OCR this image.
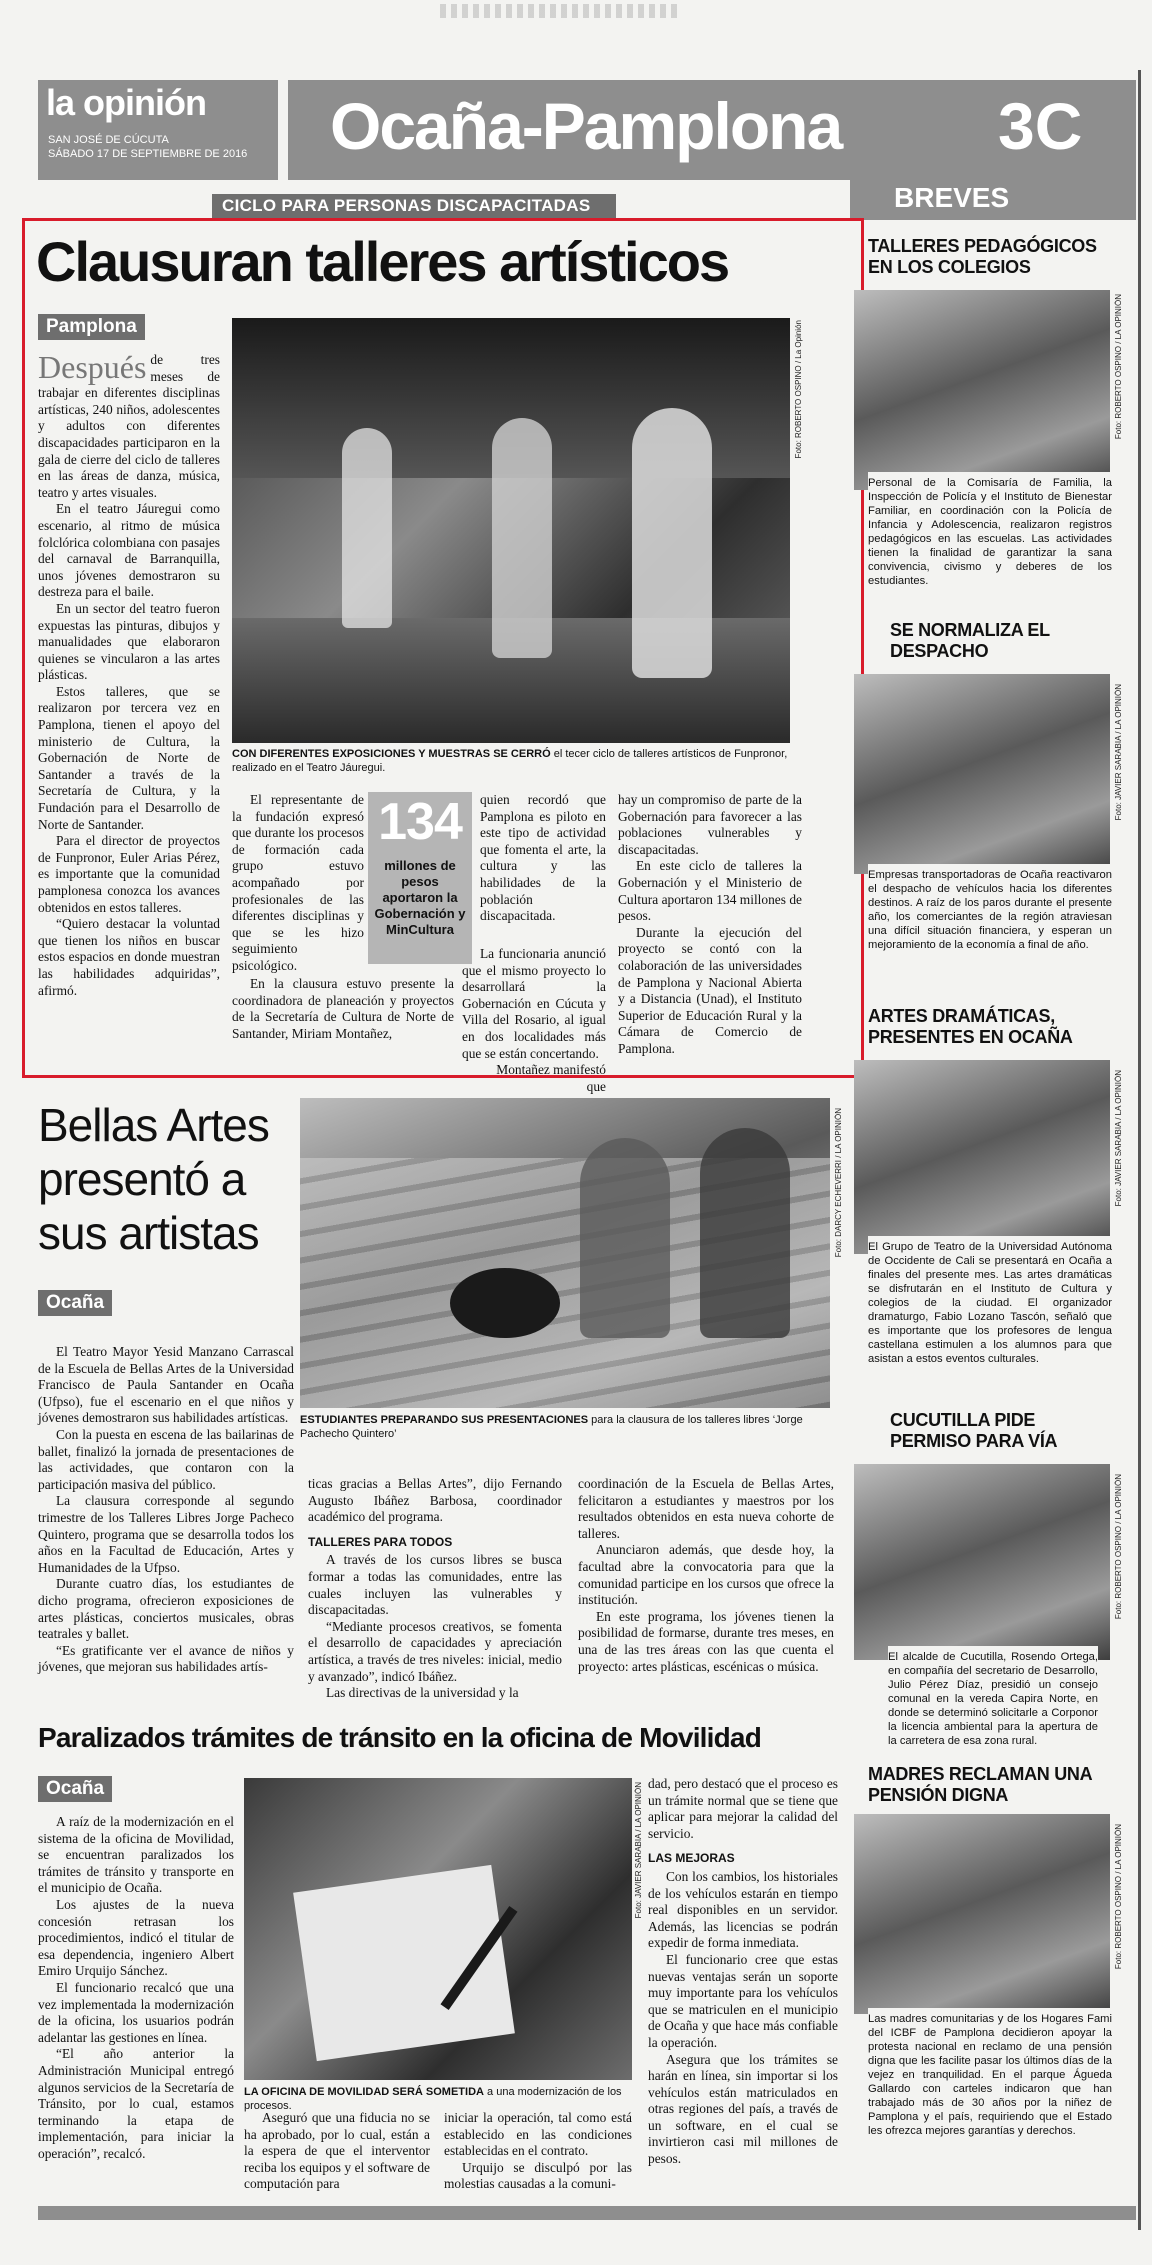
la opinión
SAN JOSÉ DE CÚCUTA
SÁBADO 17 DE SEPTIEMBRE DE 2016 Ocaña-Pamplona 3C
BREVES
CICLO PARA PERSONAS DISCAPACITADAS
Clausuran talleres artísticos
Pamplona	Foto: ROBERTO OSPINO / La Opinión
CON DIFERENTES EXPOSICIONES Y MUESTRAS SE CERRÓ el tecer ciclo de talleres artísticos de Funpronor, realizado en el Teatro Jáuregui.

Después de tres meses de trabajar en diferentes disciplinas artísticas, 240 niños, adolescentes y adultos con diferentes discapacidades participaron en la gala de cierre del ciclo de talleres en las áreas de danza, música, teatro y artes visuales.

En el teatro Jáuregui como escenario, al ritmo de música folclórica colombiana con pasajes del carnaval de Barranquilla, unos jóvenes demostraron su destreza para el baile.

En un sector del teatro fueron expuestas las pinturas, dibujos y manualidades que elaboraron quienes se vincularon a las artes plásticas.

Estos talleres, que se realizaron por tercera vez en Pamplona, tienen el apoyo del ministerio de Cultura, la Gobernación de Norte de Santander a través de la Secretaría de Cultura, y la Fundación para el Desarrollo de Norte de Santander.

Para el director de proyectos de Funpronor, Euler Arias Pérez, es importante que la comunidad pamplonesa conozca los avances obtenidos en estos talleres.

“Quiero destacar la voluntad que tienen los niños en buscar estos espacios en donde muestran las habilidades adquiridas”, afirmó.

El representante de la fundación expresó que durante los procesos de formación cada grupo estuvo acompañado por profesionales de las diferentes disciplinas y que se les hizo seguimiento psicológico.

En la clausura estuvo presente la coordinadora de planeación y proyectos de la Secretaría de Cultura de Norte de Santander, Miriam Montañez,

134
millones de pesos aportaron la Gobernación y MinCultura

quien recordó que Pamplona es piloto en este tipo de actividad que fomenta el arte, la cultura y las habilidades de la población discapacitada.

La funcionaria anunció que el mismo proyecto lo desarrollará la Gobernación en Cúcuta y Villa del Rosario, al igual en dos localidades más que se están concertando.

Montañez manifestó que

hay un compromiso de parte de la Gobernación para favorecer a las poblaciones vulnerables y discapacitadas.

En este ciclo de talleres la Gobernación y el Ministerio de Cultura aportaron 134 millones de pesos.

Durante la ejecución del proyecto se contó con la colaboración de las universidades de Pamplona y Nacional Abierta y a Distancia (Unad), el Instituto Superior de Educación Rural y la Cámara de Comercio de Pamplona.

Bellas Artes presentó a sus artistas
Ocaña
Foto: DARCY ECHEVERRI / LA OPINIÓN
ESTUDIANTES PREPARANDO SUS PRESENTACIONES para la clausura de los talleres libres ‘Jorge Pachecho Quintero’

El Teatro Mayor Yesid Manzano Carrascal de la Escuela de Bellas Artes de la Universidad Francisco de Paula Santander en Ocaña (Ufpso), fue el escenario en el que niños y jóvenes demostraron sus habilidades artísticas.

Con la puesta en escena de las bailarinas de ballet, finalizó la jornada de presentaciones de las actividades, que contaron con la participación masiva del público.

La clausura corresponde al segundo trimestre de los Talleres Libres Jorge Pacheco Quintero, programa que se desarrolla todos los años en la Facultad de Educación, Artes y Humanidades de la Ufpso.

Durante cuatro días, los estudiantes de dicho programa, ofrecieron exposiciones de artes plásticas, conciertos musicales, obras teatrales y ballet.

“Es gratificante ver el avance de niños y jóvenes, que mejoran sus habilidades artís-

ticas gracias a Bellas Artes”, dijo Fernando Augusto Ibáñez Barbosa, coordinador académico del programa.

TALLERES PARA TODOS

A través de los cursos libres se busca formar a todas las comunidades, entre las cuales incluyen las vulnerables y discapacitadas.

“Mediante procesos creativos, se fomenta el desarrollo de capacidades y apreciación artística, a través de tres niveles: inicial, medio y avanzado”, indicó Ibáñez.

Las directivas de la universidad y la

coordinación de la Escuela de Bellas Artes, felicitaron a estudiantes y maestros por los resultados obtenidos en esta nueva cohorte de talleres.

Anunciaron además, que desde hoy, la facultad abre la convocatoria para que la comunidad participe en los cursos que ofrece la institución.

En este programa, los jóvenes tienen la posibilidad de formarse, durante tres meses, en una de las tres áreas con las que cuenta el proyecto: artes plásticas, escénicas o música.

Paralizados trámites de tránsito en la oficina de Movilidad
Ocaña	Foto: JAVIER SARABIA / LA OPINIÓN
LA OFICINA DE MOVILIDAD SERÁ SOMETIDA a una modernización de los procesos.

A raíz de la modernización en el sistema de la oficina de Movilidad, se encuentran paralizados los trámites de tránsito y transporte en el municipio de Ocaña.

Los ajustes de la nueva concesión retrasan los procedimientos, indicó el titular de esa dependencia, ingeniero Albert Emiro Urquijo Sánchez.

El funcionario recalcó que una vez implementada la modernización de la oficina, los usuarios podrán adelantar las gestiones en línea.

“El año anterior la Administración Municipal entregó algunos servicios de la Secretaría de Tránsito, por lo cual, estamos terminando la etapa de implementación, para iniciar la operación”, recalcó.

Aseguró que una fiducia no se ha aprobado, por lo cual, están a la espera de que el interventor reciba los equipos y el software de computación para

iniciar la operación, tal como está establecido en las condiciones establecidas en el contrato.

Urquijo se disculpó por las molestias causadas a la comuni-

dad, pero destacó que el proceso es un trámite normal que se tiene que aplicar para mejorar la calidad del servicio.

LAS MEJORAS

Con los cambios, los historiales de los vehículos estarán en tiempo real disponibles en un servidor. Además, las licencias se podrán expedir de forma inmediata.

El funcionario cree que estas nuevas ventajas serán un soporte muy importante para los vehículos que se matriculen en el municipio de Ocaña y que hace más confiable la operación.

Asegura que los trámites se harán en línea, sin importar si los vehículos están matriculados en otras regiones del país, a través de un software, en el cual se invirtieron casi mil millones de pesos.

TALLERES PEDAGÓGICOS EN LOS COLEGIOS
Foto: ROBERTO OSPINO / LA OPINIÓN
Personal de la Comisaría de Familia, la Inspección de Policía y el Instituto de Bienestar Familiar, en coordinación con la Policía de Infancia y Adolescencia, realizaron registros pedagógicos en las escuelas. Las actividades tienen la finalidad de garantizar la sana convivencia, civismo y deberes de los estudiantes.
SE NORMALIZA EL DESPACHO
Foto: JAVIER SARABIA / LA OPINIÓN
Empresas transportadoras de Ocaña reactivaron el despacho de vehículos hacia los diferentes destinos. A raíz de los paros durante el presente año, los comerciantes de la región atraviesan una difícil situación financiera, y esperan un mejoramiento de la economía a final de año.
ARTES DRAMÁTICAS, PRESENTES EN OCAÑA
Foto: JAVIER SARABIA / LA OPINIÓN
El Grupo de Teatro de la Universidad Autónoma de Occidente de Cali se presentará en Ocaña a finales del presente mes. Las artes dramáticas se disfrutarán en el Instituto de Cultura y colegios de la ciudad. El organizador dramaturgo, Fabio Lozano Tascón, señaló que es importante que los profesores de lengua castellana estimulen a los alumnos para que asistan a estos eventos culturales.
CUCUTILLA PIDE PERMISO PARA VÍA
Foto: ROBERTO OSPINO / LA OPINIÓN
El alcalde de Cucutilla, Rosendo Ortega, en compañía del secretario de Desarrollo, Julio Pérez Díaz, presidió un consejo comunal en la vereda Capira Norte, en donde se determinó solicitarle a Corponor la licencia ambiental para la apertura de la carretera de esa zona rural.
MADRES RECLAMAN UNA PENSIÓN DIGNA
Foto: ROBERTO OSPINO / LA OPINIÓN
Las madres comunitarias y de los Hogares Fami del ICBF de Pamplona decidieron apoyar la protesta nacional en reclamo de una pensión digna que les facilite pasar los últimos días de la vejez en tranquilidad. En el parque Águeda Gallardo con carteles indicaron que han trabajado más de 30 años por la niñez de Pamplona y el país, requiriendo que el Estado les ofrezca mejores garantías y derechos.
